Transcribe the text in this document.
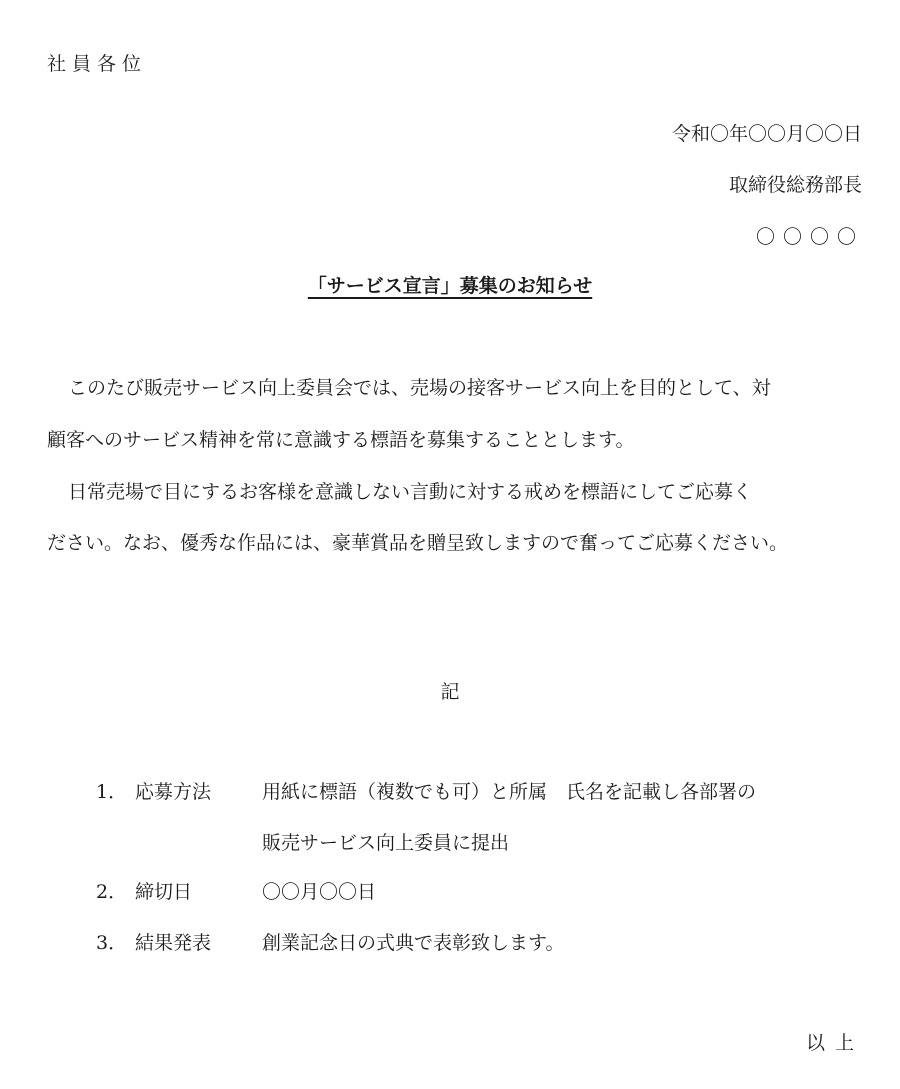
社員各位
令和〇年〇〇月〇〇日
取締役総務部長
〇〇〇〇
「サービス宣言」募集のお知らせ
このたび販売サービス向上委員会では、売場の接客サービス向上を目的として、対
顧客へのサービス精神を常に意識する標語を募集することとします。
日常売場で目にするお客様を意識しない言動に対する戒めを標語にしてご応募く
ださい。なお、優秀な作品には、豪華賞品を贈呈致しますので奮ってご応募ください。
記
1． 応募方法	用紙に標語（複数でも可）と所属　氏名を記載し各部署の
販売サービス向上委員に提出
2． 締切日	〇〇月〇〇日
3． 結果発表	創業記念日の式典で表彰致します。
以上
